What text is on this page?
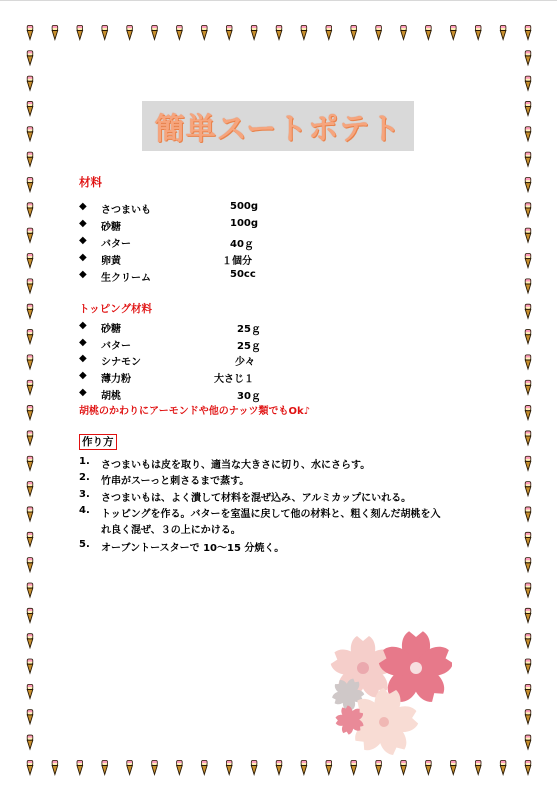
簡単スートポテト
材料
◆ さつまいも	500g
◆ 砂糖	100g
◆ バター	40ｇ
◆ 卵黄	１個分
◆ 生クリーム	50cc
トッピング材料
◆ 砂糖	25ｇ
◆ バター	25ｇ
◆ シナモン	少々
◆ 薄力粉	大さじ１
◆ 胡桃	30ｇ
胡桃のかわりにアーモンドや他のナッツ類でもOk♪
作り方
1. さつまいもは皮を取り、適当な大きさに切り、水にさらす。
2. 竹串がスーっと刺さるまで蒸す。
3. さつまいもは、よく潰して材料を混ぜ込み、アルミカップにいれる。
4. トッピングを作る。バターを室温に戻して他の材料と、粗く刻んだ胡桃を入
れ良く混ぜ、３の上にかける。
5. オーブントースターで 10～15 分焼く。
